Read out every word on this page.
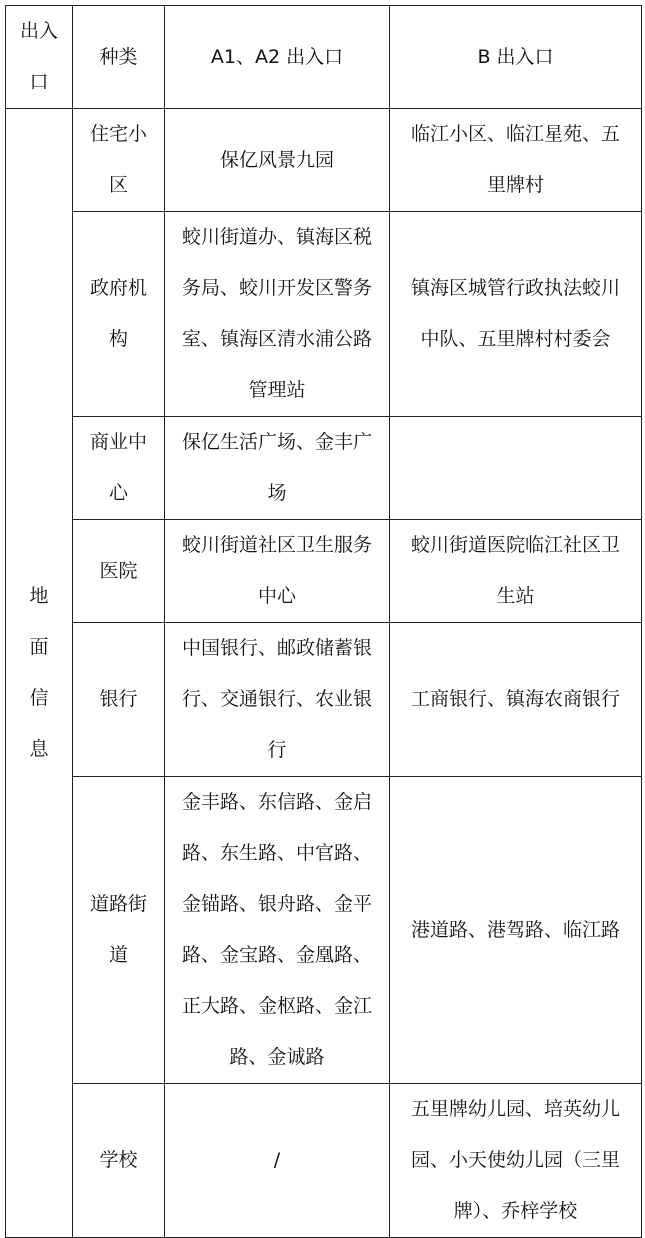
出入口	种类	A1、A2 出入口	B 出入口

地
面
信
息	住宅小区	保亿风景九园	临江小区、临江星苑、五里牌村
	政府机构	蛟川街道办、镇海区税务局、蛟川开发区警务室、镇海区清水浦公路管理站	镇海区城管行政执法蛟川中队、五里牌村村委会
	商业中心	保亿生活广场、金丰广场	
	医院	蛟川街道社区卫生服务中心	蛟川街道医院临江社区卫生站
	银行	中国银行、邮政储蓄银行、交通银行、农业银行	工商银行、镇海农商银行
	道路街道	金丰路、东信路、金启路、东生路、中官路、金锚路、银舟路、金平路、金宝路、金凰路、正大路、金枢路、金江路、金诚路	港道路、港驾路、临江路
	学校	/	五里牌幼儿园、培英幼儿园、小天使幼儿园（三里牌）、乔梓学校
